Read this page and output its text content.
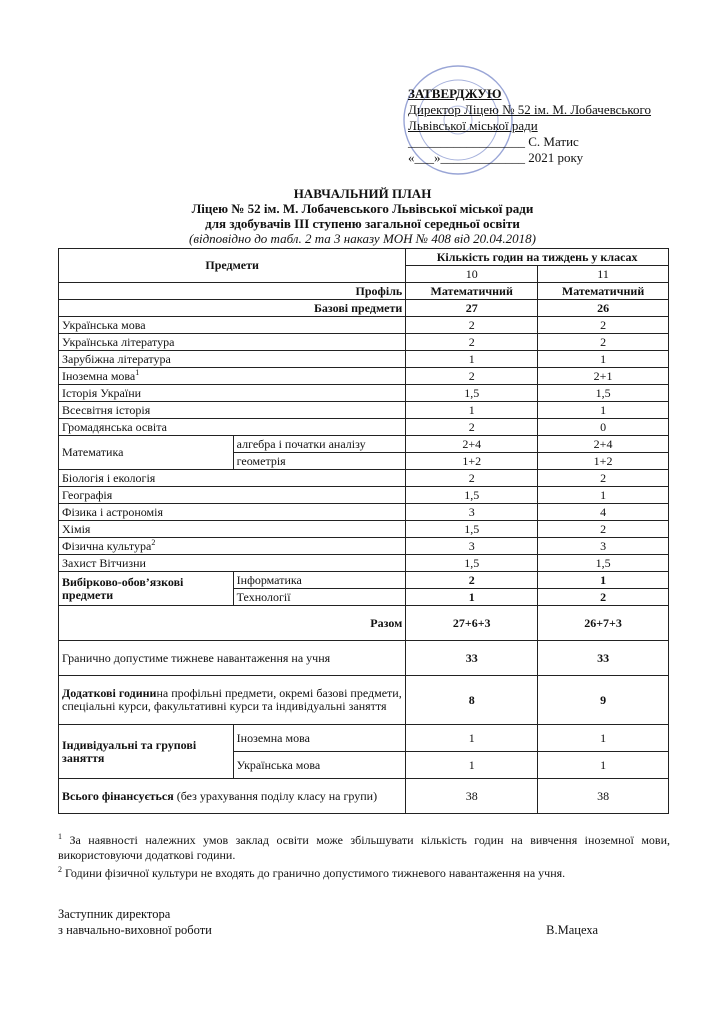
ЗАТВЕРДЖУЮ
Директор Ліцею № 52 ім. М. Лобачевського
Львівської міської ради
__________________ С. Матис
«___»_____________ 2021 року
НАВЧАЛЬНИЙ ПЛАН
Ліцею № 52 ім. М. Лобачевського Львівської міської ради
для здобувачів ІІІ ступеню загальної середньої освіти
(відповідно до табл. 2 та 3 наказу МОН № 408 від 20.04.2018)
Предмети		Кількість годин на тиждень у класах	
		10	11
Профіль		Математичний	Математичний
Базові предмети		27	26
Українська мова		2	2
Українська література		2	2
Зарубіжна література		1	1
Іноземна мова$^1$		2	2+1
Історія України		1,5	1,5
Всесвітня історія		1	1
Громадянська освіта		2	0
Математика	алгебра і початки аналізу	2+4	2+4
	геометрія	1+2	1+2
Біологія і екологія		2	2
Географія		1,5	1
Фізика і астрономія		3	4
Хімія		1,5	2
Фізична культура$^2$		3	3
Захист Вітчизни		1,5	1,5
Вибірково-обов’язкові предмети	Інформатика	2	1
	Технології	1	2
Разом		27+6+3	26+7+3
Гранично допустиме тижневе навантаження на учня		33	33
Додаткові годинина профільні предмети, окремі базові предмети, спеціальні курси, факультативні курси та індивідуальні заняття		8	9
Індивідуальні та групові заняття	Іноземна мова	1	1
	Українська мова	1	1
Всього фінансується (без урахування поділу класу на групи)		38	38

$^1$ За наявності належних умов заклад освіти може збільшувати кількість годин на вивчення іноземної мови, використовуючи додаткові години.

$^2$ Години фізичної культури не входять до гранично допустимого тижневого навантаження на учня.

Заступник директора
з навчально-виховної роботи	В.Мацеха
